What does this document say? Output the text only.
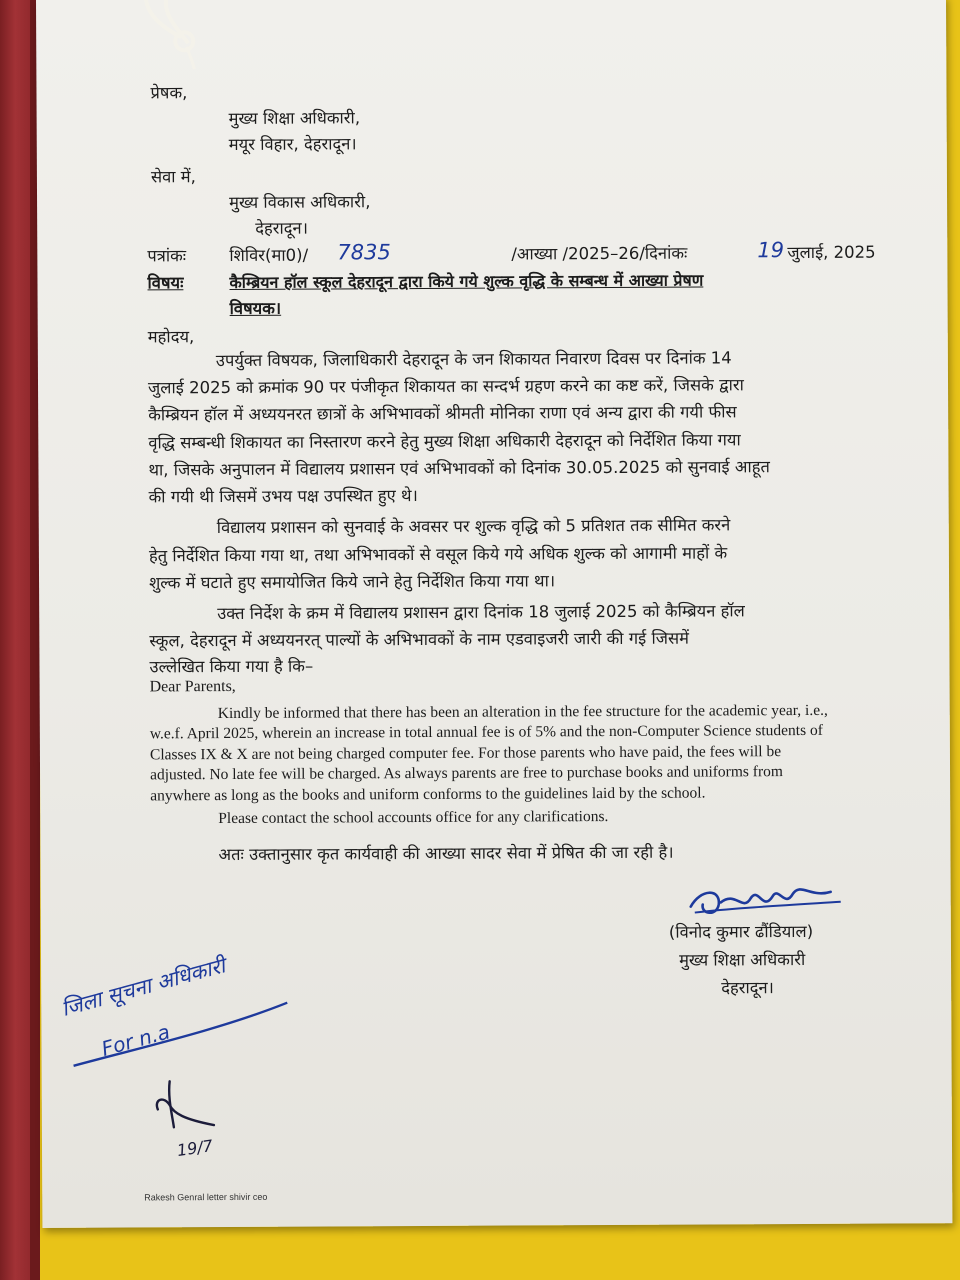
प्रेषक,
मुख्य शिक्षा अधिकारी,
मयूर विहार, देहरादून।
सेवा में,
मुख्य विकास अधिकारी,
देहरादून।
पत्रांकः	शिविर(मा0)/ 7835	/आख्या /2025–26/दिनांकः	19 जुलाई, 2025
विषयः	कैम्ब्रियन हॉल स्कूल देहरादून द्वारा किये गये शुल्क वृद्धि के सम्बन्ध में आख्या प्रेषण
विषयक।
महोदय,
उपर्युक्त विषयक, जिलाधिकारी देहरादून के जन शिकायत निवारण दिवस पर दिनांक 14
जुलाई 2025 को क्रमांक 90 पर पंजीकृत शिकायत का सन्दर्भ ग्रहण करने का कष्ट करें, जिसके द्वारा
कैम्ब्रियन हॉल में अध्ययनरत छात्रों के अभिभावकों श्रीमती मोनिका राणा एवं अन्य द्वारा की गयी फीस
वृद्धि सम्बन्धी शिकायत का निस्तारण करने हेतु मुख्य शिक्षा अधिकारी देहरादून को निर्देशित किया गया
था, जिसके अनुपालन में विद्यालय प्रशासन एवं अभिभावकों को दिनांक 30.05.2025 को सुनवाई आहूत
की गयी थी जिसमें उभय पक्ष उपस्थित हुए थे।
विद्यालय प्रशासन को सुनवाई के अवसर पर शुल्क वृद्धि को 5 प्रतिशत तक सीमित करने
हेतु निर्देशित किया गया था, तथा अभिभावकों से वसूल किये गये अधिक शुल्क को आगामी माहों के
शुल्क में घटाते हुए समायोजित किये जाने हेतु निर्देशित किया गया था।
उक्त निर्देश के क्रम में विद्यालय प्रशासन द्वारा दिनांक 18 जुलाई 2025 को कैम्ब्रियन हॉल
स्कूल, देहरादून में अध्ययनरत् पाल्यों के अभिभावकों के नाम एडवाइजरी जारी की गई जिसमें
उल्लेखित किया गया है कि–
Dear Parents,
Kindly be informed that there has been an alteration in the fee structure for the academic year, i.e.,
w.e.f. April 2025, wherein an increase in total annual fee is of 5% and the non-Computer Science students of
Classes IX & X are not being charged computer fee. For those parents who have paid, the fees will be
adjusted. No late fee will be charged. As always parents are free to purchase books and uniforms from
anywhere as long as the books and uniform conforms to the guidelines laid by the school.
Please contact the school accounts office for any clarifications.
अतः उक्तानुसार कृत कार्यवाही की आख्या सादर सेवा में प्रेषित की जा रही है।
(विनोद कुमार ढौंडियाल)
मुख्य शिक्षा अधिकारी
देहरादून।
जिला सूचना अधिकारी
For n.a
19/7
Rakesh Genral letter shivir ceo
